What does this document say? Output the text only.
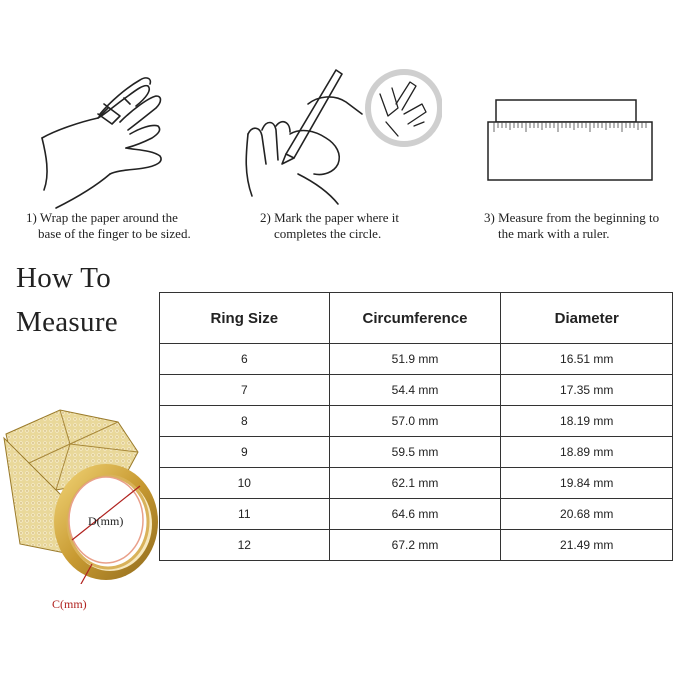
1) Wrap the paper around the
base of the finger to be sized.
2) Mark the paper where it
completes the circle.
3) Measure from the beginning to
the mark with a ruler.
How To
Measure	Ring Size	Circumference	Diameter
6	51.9 mm	16.51 mm
7	54.4 mm	17.35 mm
8	57.0 mm	18.19 mm
9	59.5 mm	18.89 mm
10	62.1 mm	19.84 mm
11	64.6 mm	20.68 mm
12	67.2 mm	21.49 mm
D(mm)
C(mm)
